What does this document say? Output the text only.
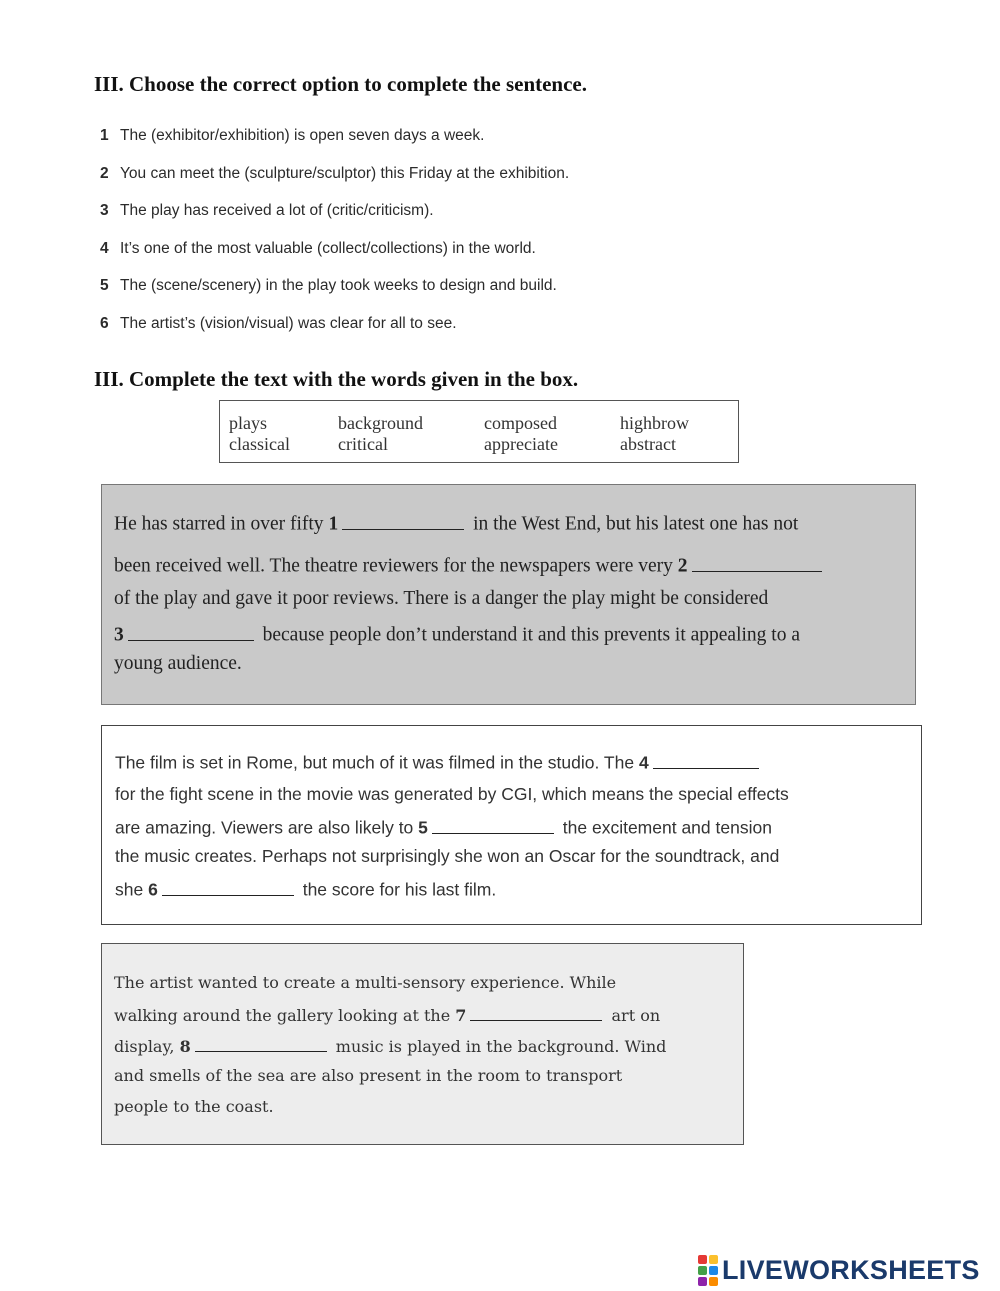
III. Choose the correct option to complete the sentence.
1 The (exhibitor/exhibition) is open seven days a week.
2 You can meet the (sculpture/sculptor) this Friday at the exhibition.
3 The play has received a lot of (critic/criticism).
4 It’s one of the most valuable (collect/collections) in the world.
5 The (scene/scenery) in the play took weeks to design and build.
6 The artist’s (vision/visual) was clear for all to see.
III. Complete the text with the words given in the box.
plays	background	composed	highbrow
classical	critical	appreciate	abstract
He has starred in over fifty 1	in the West End, but his latest one has not
been received well. The theatre reviewers for the newspapers were very 2
of the play and gave it poor reviews. There is a danger the play might be considered
3	because people don’t understand it and this prevents it appealing to a
young audience.
The film is set in Rome, but much of it was filmed in the studio. The 4
for the fight scene in the movie was generated by CGI, which means the special effects
are amazing. Viewers are also likely to 5	the excitement and tension
the music creates. Perhaps not surprisingly she won an Oscar for the soundtrack, and
she 6	the score for his last film.
The artist wanted to create a multi-sensory experience. While
walking around the gallery looking at the 7	art on
display, 8	music is played in the background. Wind
and smells of the sea are also present in the room to transport
people to the coast.
LIVEWORKSHEETS
